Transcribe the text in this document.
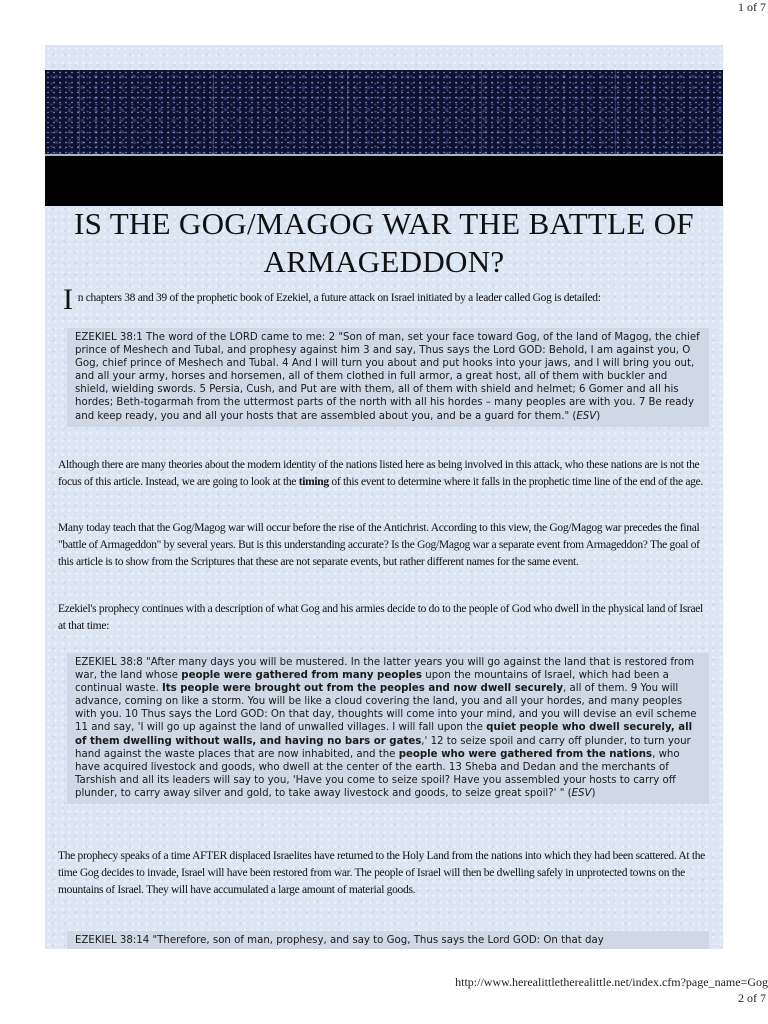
1 of 7
IS THE GOG/MAGOG WAR THE BATTLE OF ARMAGEDDON?
In chapters 38 and 39 of the prophetic book of Ezekiel, a future attack on Israel initiated by a leader called Gog is detailed:
EZEKIEL 38:1 The word of the LORD came to me: 2 "Son of man, set your face toward Gog, of the land of Magog, the chief prince of Meshech and Tubal, and prophesy against him 3 and say, Thus says the Lord GOD: Behold, I am against you, O Gog, chief prince of Meshech and Tubal. 4 And I will turn you about and put hooks into your jaws, and I will bring you out, and all your army, horses and horsemen, all of them clothed in full armor, a great host, all of them with buckler and shield, wielding swords. 5 Persia, Cush, and Put are with them, all of them with shield and helmet; 6 Gomer and all his hordes; Beth-togarmah from the uttermost parts of the north with all his hordes – many peoples are with you. 7 Be ready and keep ready, you and all your hosts that are assembled about you, and be a guard for them." (ESV)

Although there are many theories about the modern identity of the nations listed here as being involved in this attack, who these nations are is not the focus of this article. Instead, we are going to look at the timing of this event to determine where it falls in the prophetic time line of the end of the age.

Many today teach that the Gog/Magog war will occur before the rise of the Antichrist. According to this view, the Gog/Magog war precedes the final "battle of Armageddon" by several years. But is this understanding accurate? Is the Gog/Magog war a separate event from Armageddon? The goal of this article is to show from the Scriptures that these are not separate events, but rather different names for the same event.

Ezekiel's prophecy continues with a description of what Gog and his armies decide to do to the people of God who dwell in the physical land of Israel at that time:

EZEKIEL 38:8 "After many days you will be mustered. In the latter years you will go against the land that is restored from war, the land whose people were gathered from many peoples upon the mountains of Israel, which had been a continual waste. Its people were brought out from the peoples and now dwell securely, all of them. 9 You will advance, coming on like a storm. You will be like a cloud covering the land, you and all your hordes, and many peoples with you. 10 Thus says the Lord GOD: On that day, thoughts will come into your mind, and you will devise an evil scheme 11 and say, 'I will go up against the land of unwalled villages. I will fall upon the quiet people who dwell securely, all of them dwelling without walls, and having no bars or gates,' 12 to seize spoil and carry off plunder, to turn your hand against the waste places that are now inhabited, and the people who were gathered from the nations, who have acquired livestock and goods, who dwell at the center of the earth. 13 Sheba and Dedan and the merchants of Tarshish and all its leaders will say to you, 'Have you come to seize spoil? Have you assembled your hosts to carry off plunder, to carry away silver and gold, to take away livestock and goods, to seize great spoil?' " (ESV)

The prophecy speaks of a time AFTER displaced Israelites have returned to the Holy Land from the nations into which they had been scattered. At the time Gog decides to invade, Israel will have been restored from war. The people of Israel will then be dwelling safely in unprotected towns on the mountains of Israel. They will have accumulated a large amount of material goods.

EZEKIEL 38:14 "Therefore, son of man, prophesy, and say to Gog, Thus says the Lord GOD: On that day
http://www.herealittletherealittle.net/index.cfm?page_name=Gog
2 of 7
